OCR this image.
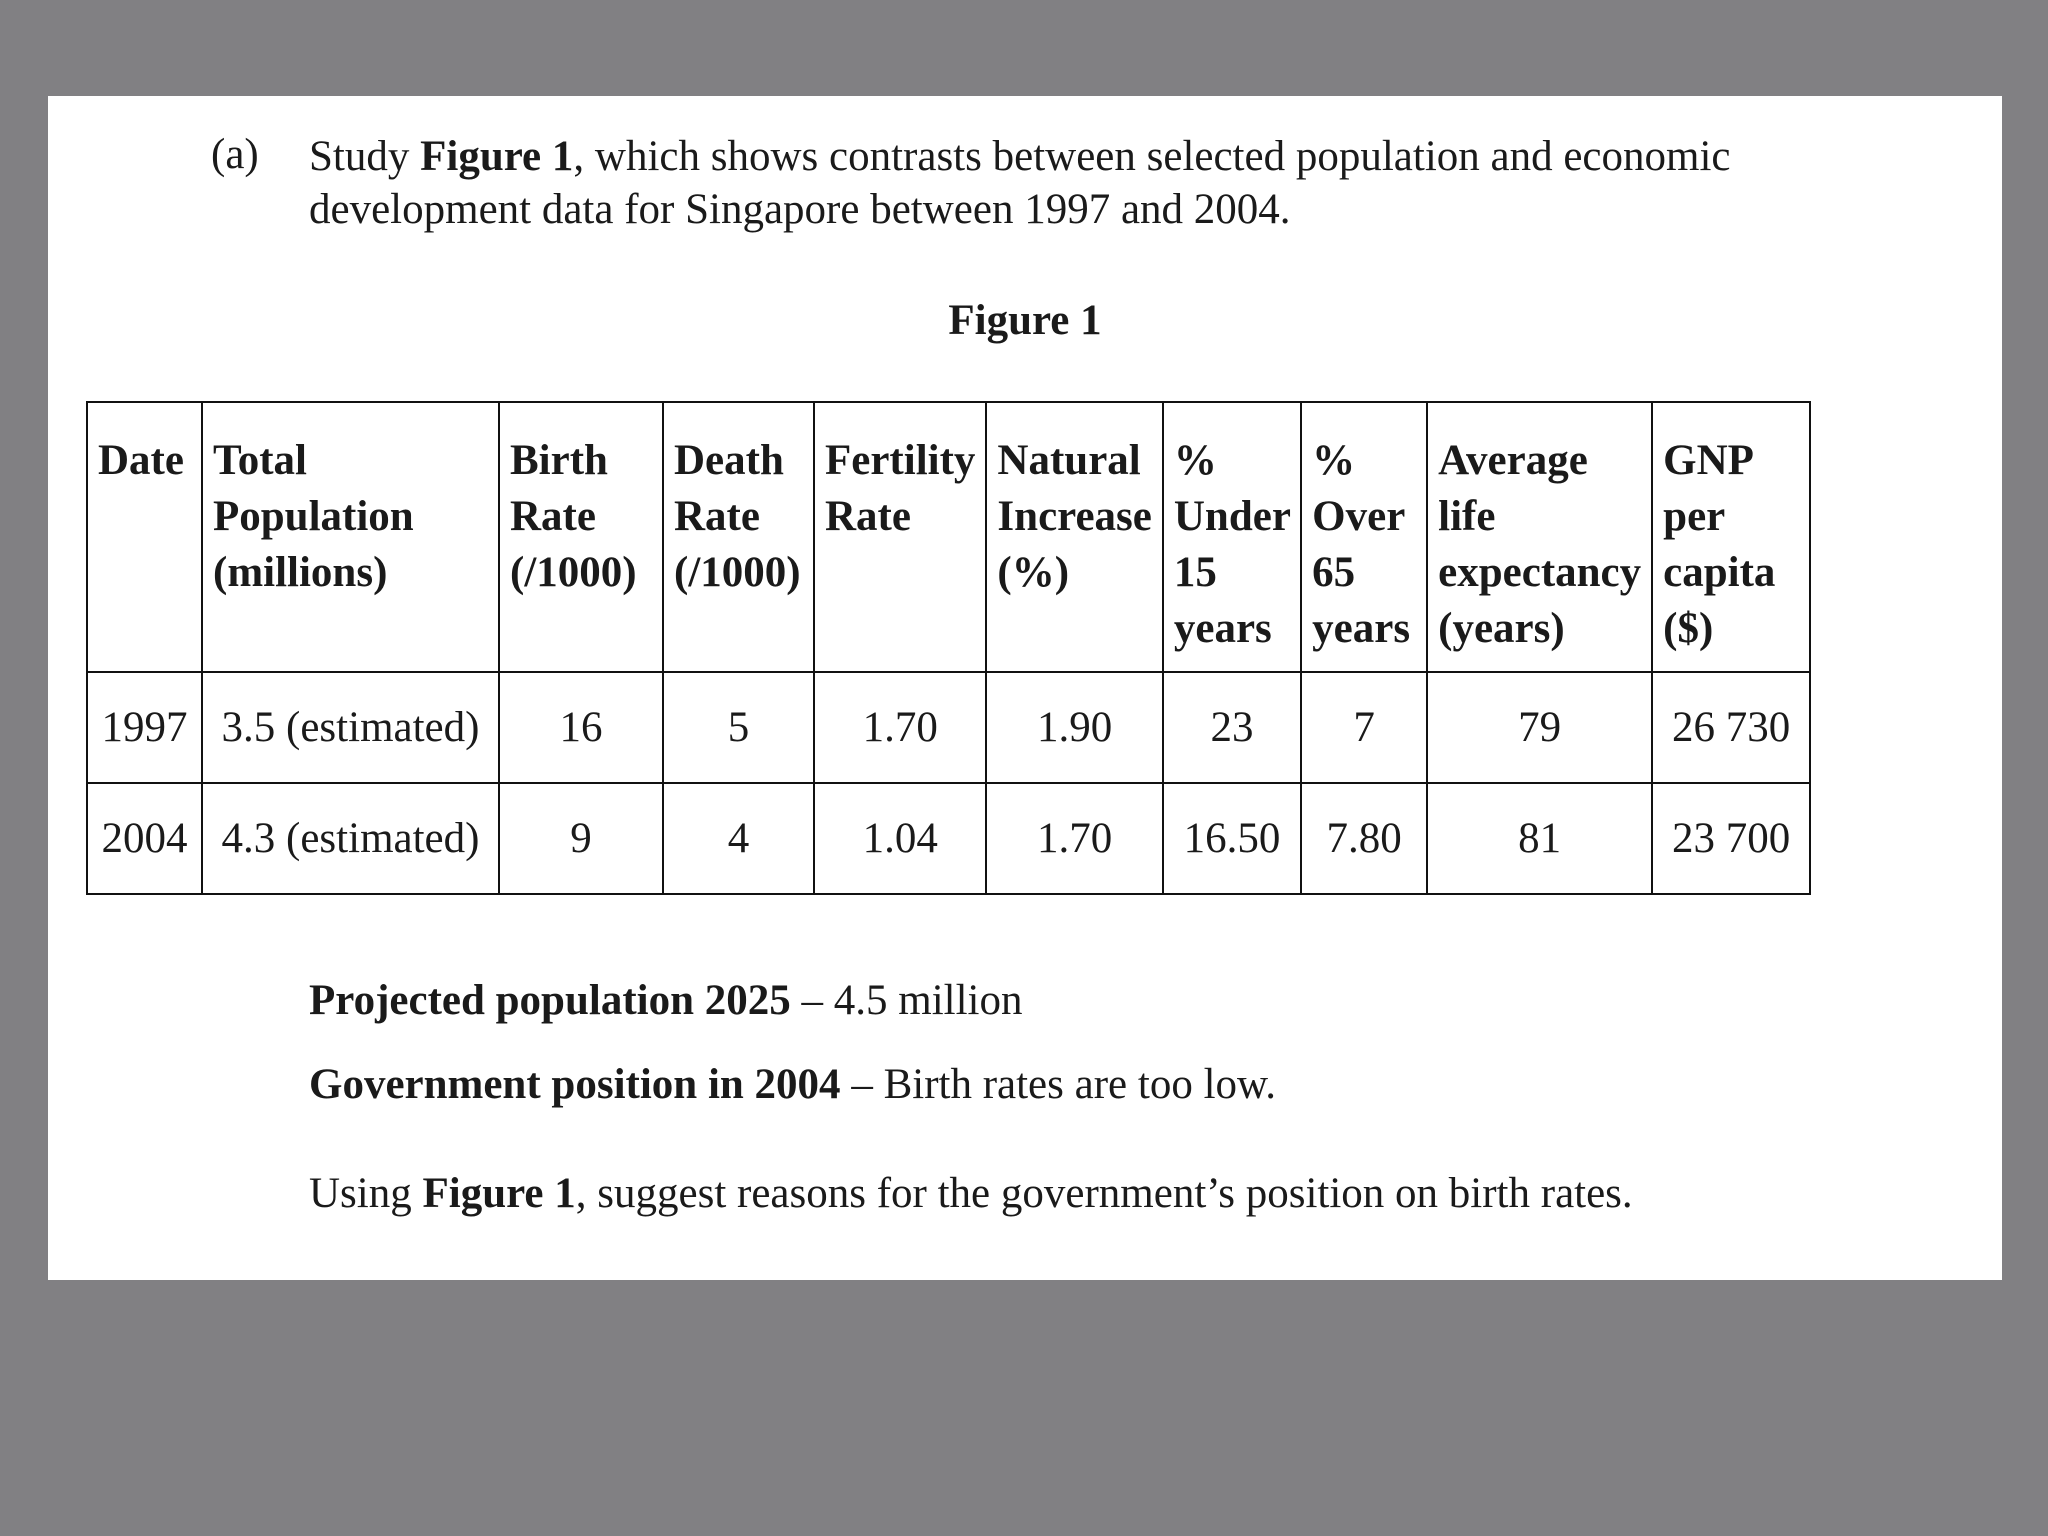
(a) Study Figure 1, which shows contrasts between selected population and economic development data for Singapore between 1997 and 2004.
Figure 1
Date	Total Population (millions)	Birth Rate (/1000)	Death Rate (/1000)	Fertility Rate	Natural Increase (%)	% Under 15 years	% Over 65 years	Average life expectancy (years)	GNP per capita ($)
1997	3.5 (estimated)	16	5	1.70	1.90	23	7	79	26 730
2004	4.3 (estimated)	9	4	1.04	1.70	16.50	7.80	81	23 700
Projected population 2025 – 4.5 million
Government position in 2004 – Birth rates are too low.
Using Figure 1, suggest reasons for the government’s position on birth rates.
